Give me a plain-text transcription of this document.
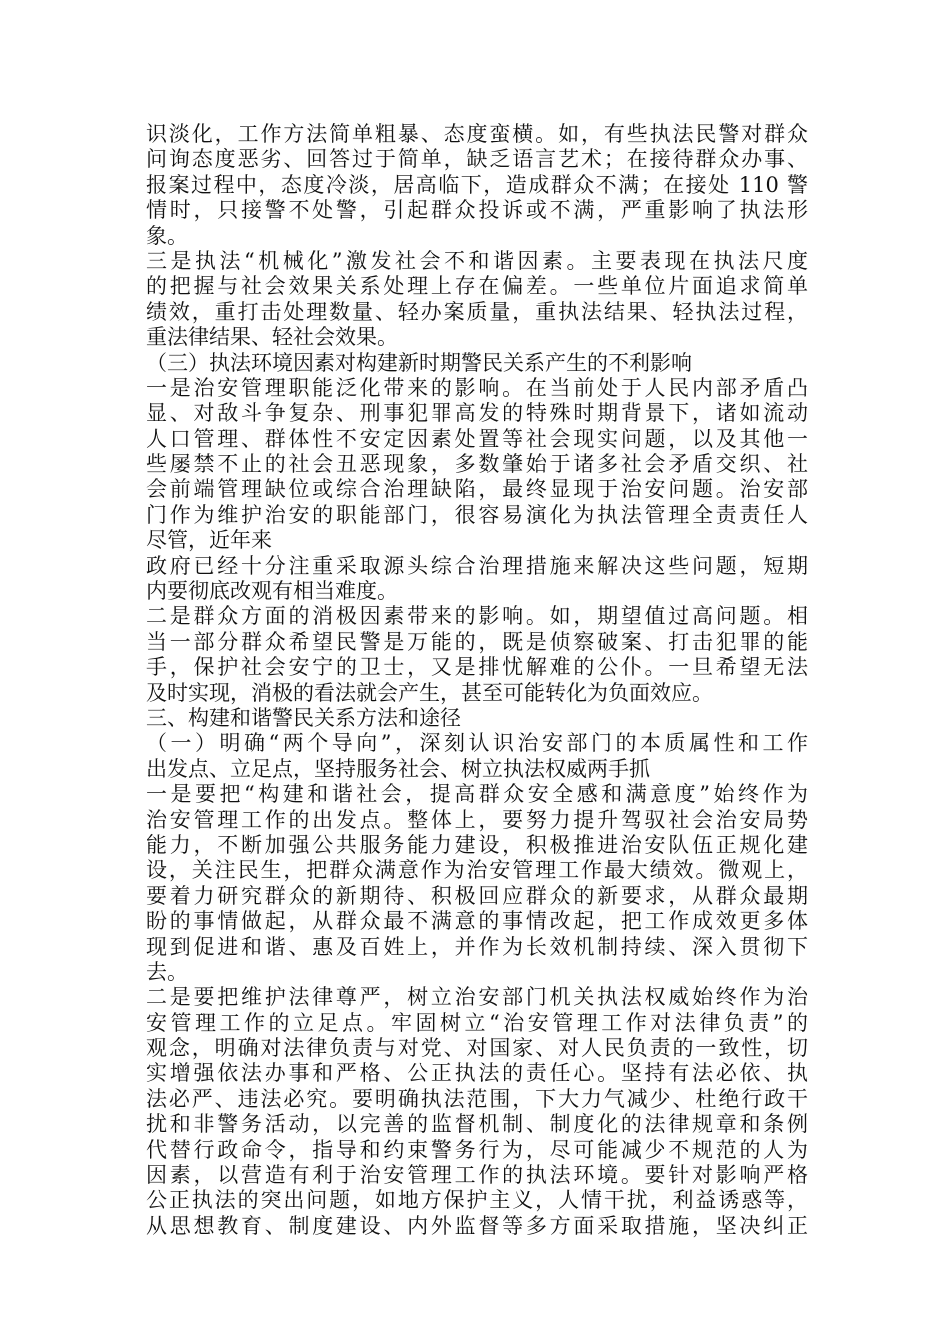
识淡化，工作方法简单粗暴、态度蛮横。如，有些执法民警对群众
问询态度恶劣、回答过于简单，缺乏语言艺术；在接待群众办事、
报案过程中，态度冷淡，居高临下，造成群众不满；在接处 110 警
情时，只接警不处警，引起群众投诉或不满，严重影响了执法形
象。
三是执法“机械化”激发社会不和谐因素。主要表现在执法尺度
的把握与社会效果关系处理上存在偏差。一些单位片面追求简单
绩效，重打击处理数量、轻办案质量，重执法结果、轻执法过程，
重法律结果、轻社会效果。
（三）执法环境因素对构建新时期警民关系产生的不利影响
一是治安管理职能泛化带来的影响。在当前处于人民内部矛盾凸
显、对敌斗争复杂、刑事犯罪高发的特殊时期背景下，诸如流动
人口管理、群体性不安定因素处置等社会现实问题，以及其他一
些屡禁不止的社会丑恶现象，多数肇始于诸多社会矛盾交织、社
会前端管理缺位或综合治理缺陷，最终显现于治安问题。治安部
门作为维护治安的职能部门，很容易演化为执法管理全责责任人
尽管，近年来
政府已经十分注重采取源头综合治理措施来解决这些问题，短期
内要彻底改观有相当难度。
二是群众方面的消极因素带来的影响。如，期望值过高问题。相
当一部分群众希望民警是万能的，既是侦察破案、打击犯罪的能
手，保护社会安宁的卫士，又是排忧解难的公仆。一旦希望无法
及时实现，消极的看法就会产生，甚至可能转化为负面效应。
三、构建和谐警民关系方法和途径
（一）明确“两个导向”，深刻认识治安部门的本质属性和工作
出发点、立足点，坚持服务社会、树立执法权威两手抓
一是要把“构建和谐社会，提高群众安全感和满意度”始终作为
治安管理工作的出发点。整体上，要努力提升驾驭社会治安局势
能力，不断加强公共服务能力建设，积极推进治安队伍正规化建
设，关注民生，把群众满意作为治安管理工作最大绩效。微观上，
要着力研究群众的新期待、积极回应群众的新要求，从群众最期
盼的事情做起，从群众最不满意的事情改起，把工作成效更多体
现到促进和谐、惠及百姓上，并作为长效机制持续、深入贯彻下
去。
二是要把维护法律尊严，树立治安部门机关执法权威始终作为治
安管理工作的立足点。牢固树立“治安管理工作对法律负责”的
观念，明确对法律负责与对党、对国家、对人民负责的一致性，切
实增强依法办事和严格、公正执法的责任心。坚持有法必依、执
法必严、违法必究。要明确执法范围，下大力气减少、杜绝行政干
扰和非警务活动，以完善的监督机制、制度化的法律规章和条例
代替行政命令，指导和约束警务行为，尽可能减少不规范的人为
因素，以营造有利于治安管理工作的执法环境。要针对影响严格
公正执法的突出问题，如地方保护主义，人情干扰，利益诱惑等，
从思想教育、制度建设、内外监督等多方面采取措施，坚决纠正
